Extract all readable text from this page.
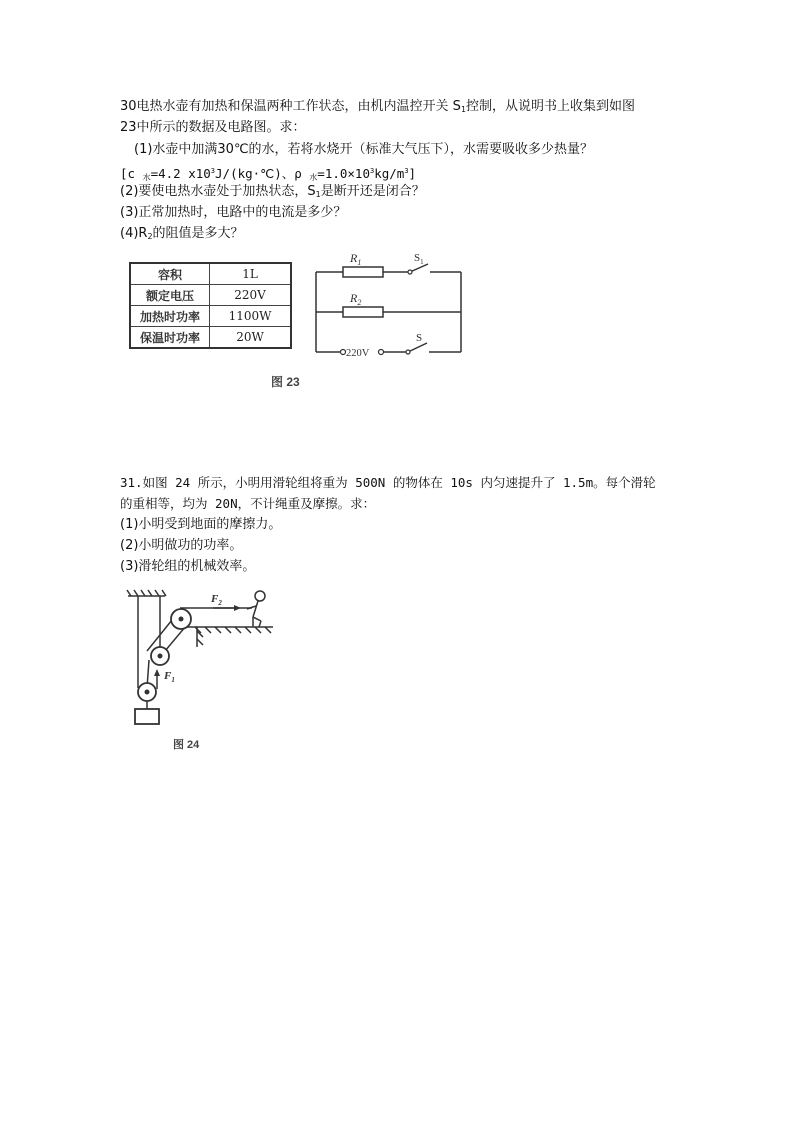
30电热水壶有加热和保温两种工作状态，由机内温控开关 $S_1$控制，从说明书上收集到如图
23中所示的数据及电路图。求：
(1)水壶中加满30℃的水，若将水烧开（标准大气压下），水需要吸收多少热量？
[c $_水$=4.2 $x10^3J/(kg\cdot℃)$、ρ $_水=1.0\times 10^3kg/m^3$]
(2)要使电热水壶处于加热状态，$S_1$是断开还是闭合？
(3)正常加热时，电路中的电流是多少？
$(4)R_2$的阻值是多大？
容积	1L
额定电压	220V
加热时功率	1100W
保温时功率	20W
$R_1$
$R_2$
$S_1$
S
220V
图 23
31.如图 24 所示，小明用滑轮组将重为 500N 的物体在 10s 内匀速提升了 1.5m。每个滑轮
的重相等，均为 20N，不计绳重及摩擦。求：
(1)小明受到地面的摩擦力。
(2)小明做功的功率。
(3)滑轮组的机械效率。
$F_2$
$F_1$
图 24
